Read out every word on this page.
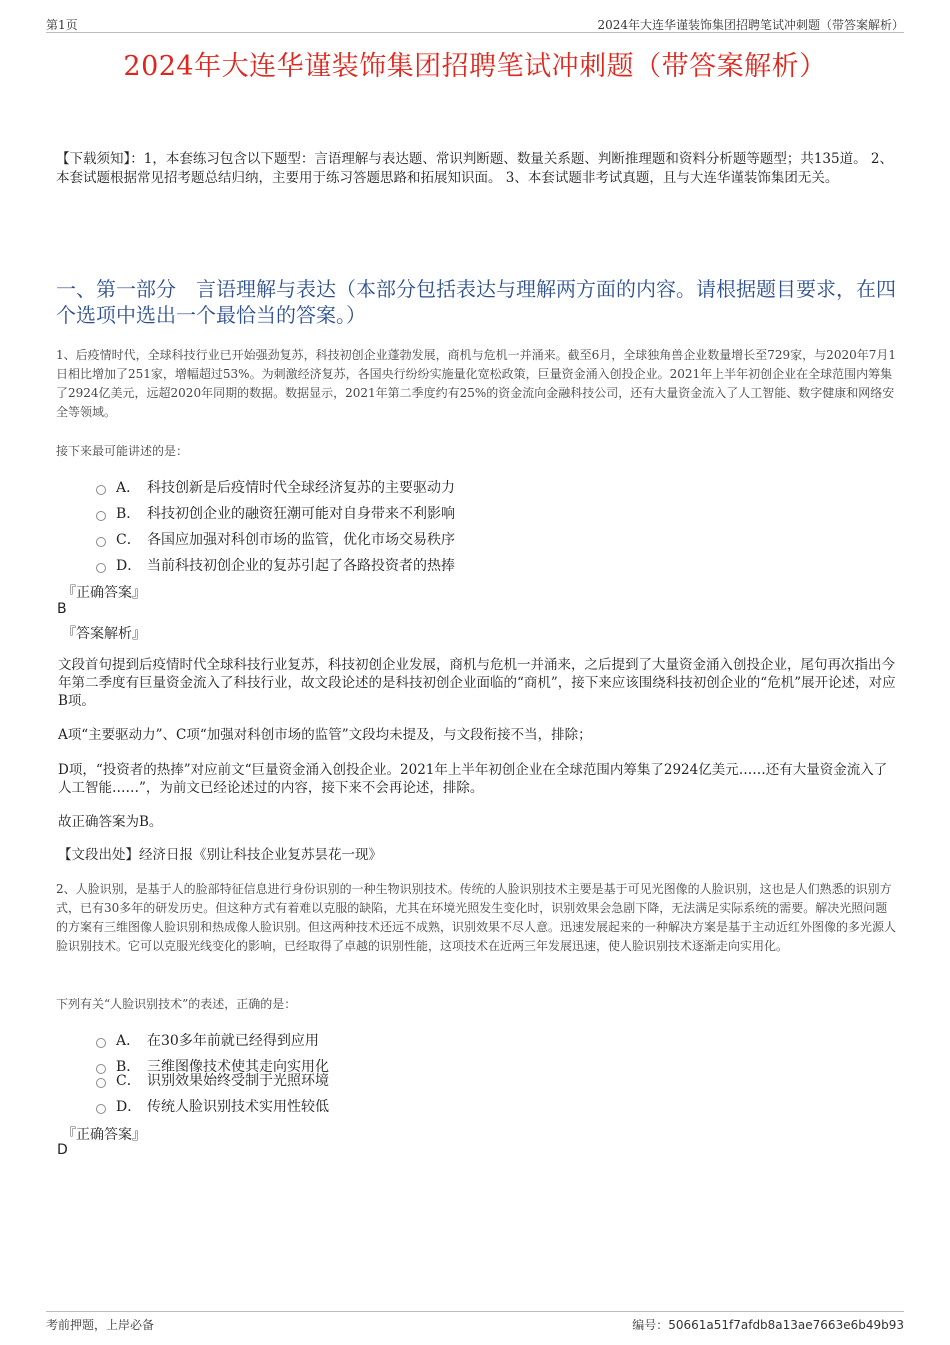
第1页	2024年大连华谨装饰集团招聘笔试冲刺题（带答案解析）
2024年大连华谨装饰集团招聘笔试冲刺题（带答案解析）
【下载须知】：1，本套练习包含以下题型：言语理解与表达题、常识判断题、数量关系题、判断推理题和资料分析题等题型；共135道。 2、本套试题根据常见招考题总结归纳，主要用于练习答题思路和拓展知识面。 3、本套试题非考试真题，且与大连华谨装饰集团无关。
一、第一部分　言语理解与表达（本部分包括表达与理解两方面的内容。请根据题目要求，在四个选项中选出一个最恰当的答案。）
1、后疫情时代，全球科技行业已开始强劲复苏，科技初创企业蓬勃发展，商机与危机一并涌来。截至6月，全球独角兽企业数量增长至729家，与2020年7月1日相比增加了251家，增幅超过53%。为刺激经济复苏，各国央行纷纷实施量化宽松政策，巨量资金涌入创投企业。2021年上半年初创企业在全球范围内筹集了2924亿美元，远超2020年同期的数据。数据显示，2021年第二季度约有25%的资金流向金融科技公司，还有大量资金流入了人工智能、数字健康和网络安全等领域。
接下来最可能讲述的是：
A． 科技创新是后疫情时代全球经济复苏的主要驱动力
B． 科技初创企业的融资狂潮可能对自身带来不利影响
C． 各国应加强对科创市场的监管，优化市场交易秩序
D． 当前科技初创企业的复苏引起了各路投资者的热捧
『正确答案』
B
『答案解析』
文段首句提到后疫情时代全球科技行业复苏，科技初创企业发展，商机与危机一并涌来，之后提到了大量资金涌入创投企业，尾句再次指出今年第二季度有巨量资金流入了科技行业，故文段论述的是科技初创企业面临的“商机”，接下来应该围绕科技初创企业的“危机”展开论述，对应B项。
A项“主要驱动力”、C项“加强对科创市场的监管”文段均未提及，与文段衔接不当，排除；
D项，“投资者的热捧”对应前文“巨量资金涌入创投企业。2021年上半年初创企业在全球范围内筹集了2924亿美元……还有大量资金流入了人工智能……”，为前文已经论述过的内容，接下来不会再论述，排除。
故正确答案为B。
【文段出处】经济日报《别让科技企业复苏昙花一现》
2、人脸识别，是基于人的脸部特征信息进行身份识别的一种生物识别技术。传统的人脸识别技术主要是基于可见光图像的人脸识别，这也是人们熟悉的识别方式，已有30多年的研发历史。但这种方式有着难以克服的缺陷，尤其在环境光照发生变化时，识别效果会急剧下降，无法满足实际系统的需要。解决光照问题的方案有三维图像人脸识别和热成像人脸识别。但这两种技术还远不成熟，识别效果不尽人意。迅速发展起来的一种解决方案是基于主动近红外图像的多光源人脸识别技术。它可以克服光线变化的影响，已经取得了卓越的识别性能，这项技术在近两三年发展迅速，使人脸识别技术逐渐走向实用化。
下列有关“人脸识别技术”的表述，正确的是：
A． 在30多年前就已经得到应用
B． 三维图像技术使其走向实用化
C． 识别效果始终受制于光照环境
D． 传统人脸识别技术实用性较低
『正确答案』
D
考前押题，上岸必备	编号：50661a51f7afdb8a13ae7663e6b49b93
